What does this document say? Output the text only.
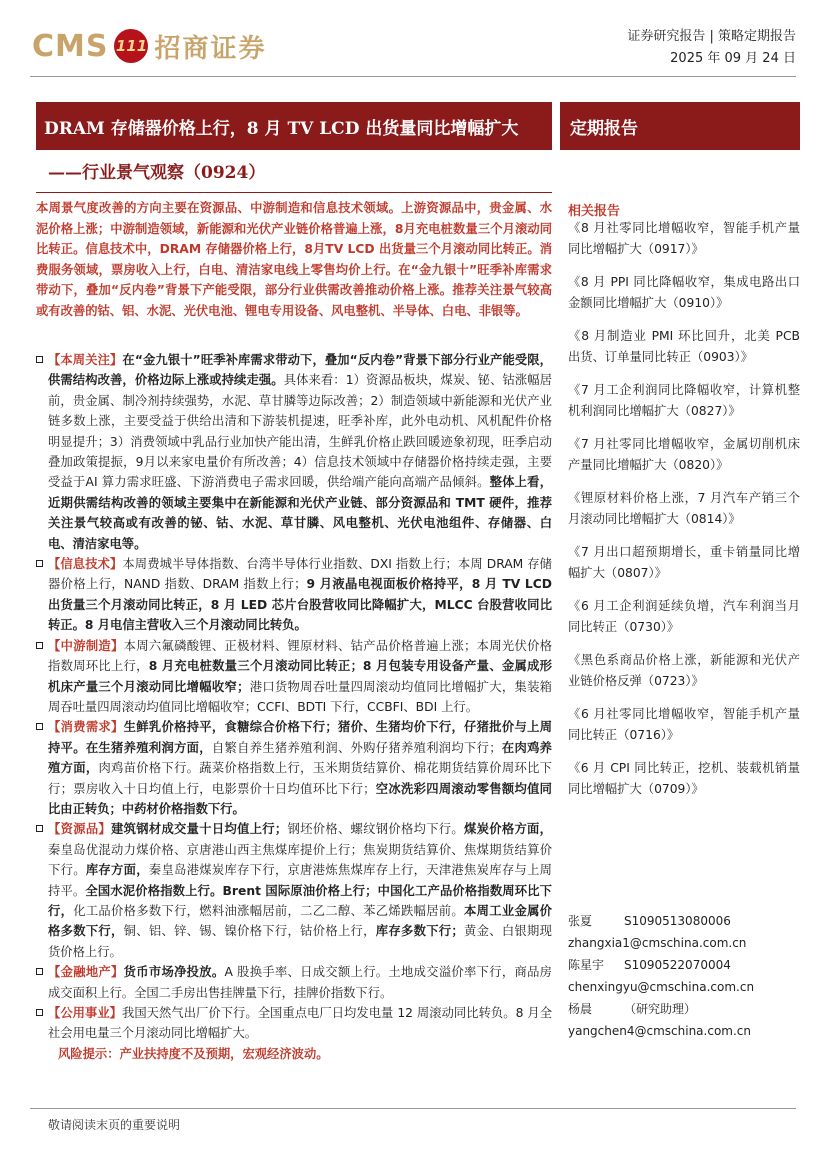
CMS 111 招商证券	证券研究报告 | 策略定期报告
2025 年 09 月 24 日
DRAM 存储器价格上行，8 月 TV LCD 出货量同比增幅扩大	定期报告
——行业景气观察（0924）
本周景气度改善的方向主要在资源品、中游制造和信息技术领域。上游资源品中，贵金属、水泥价格上涨；中游制造领域，新能源和光伏产业链价格普遍上涨，8月充电桩数量三个月滚动同比转正。信息技术中，DRAM 存储器价格上行，8月TV LCD 出货量三个月滚动同比转正。消费服务领域，票房收入上行，白电、清洁家电线上零售均价上行。在“金九银十”旺季补库需求带动下，叠加“反内卷”背景下产能受限，部分行业供需改善推动价格上涨。推荐关注景气较高或有改善的钴、铝、水泥、光伏电池、锂电专用设备、风电整机、半导体、白电、非银等。

【本周关注】在“金九银十”旺季补库需求带动下，叠加“反内卷”背景下部分行业产能受限，供需结构改善，价格边际上涨或持续走强。具体来看：1）资源品板块，煤炭、铋、钴涨幅居前，贵金属、制冷剂持续强势，水泥、草甘膦等边际改善；2）制造领域中新能源和光伏产业链多数上涨，主要受益于供给出清和下游装机提速，旺季补库，此外电动机、风机配件价格明显提升；3）消费领域中乳品行业加快产能出清，生鲜乳价格止跌回暖迹象初现，旺季启动叠加政策提振，9月以来家电量价有所改善；4）信息技术领域中存储器价格持续走强，主要受益于AI 算力需求旺盛、下游消费电子需求回暖，供给端产能向高端产品倾斜。整体上看，近期供需结构改善的领域主要集中在新能源和光伏产业链、部分资源品和 TMT 硬件，推荐关注景气较高或有改善的铋、钴、水泥、草甘膦、风电整机、光伏电池组件、存储器、白电、清洁家电等。

【信息技术】本周费城半导体指数、台湾半导体行业指数、DXI 指数上行；本周 DRAM 存储器价格上行，NAND 指数、DRAM 指数上行；9 月液晶电视面板价格持平，8 月 TV LCD 出货量三个月滚动同比转正，8 月 LED 芯片台股营收同比降幅扩大，MLCC 台股营收同比转正。8 月电信主营收入三个月滚动同比转负。

【中游制造】本周六氟磷酸锂、正极材料、锂原材料、钴产品价格普遍上涨；本周光伏价格指数周环比上行，8 月充电桩数量三个月滚动同比转正；8 月包装专用设备产量、金属成形机床产量三个月滚动同比增幅收窄；港口货物周吞吐量四周滚动均值同比增幅扩大，集装箱周吞吐量四周滚动均值同比增幅收窄；CCFI、BDTI 下行，CCBFI、BDI 上行。

【消费需求】生鲜乳价格持平，食糖综合价格下行；猪价、生猪均价下行，仔猪批价与上周持平。在生猪养殖利润方面，自繁自养生猪养殖利润、外购仔猪养殖利润均下行；在肉鸡养殖方面，肉鸡苗价格下行。蔬菜价格指数上行，玉米期货结算价、棉花期货结算价周环比下行；票房收入十日均值上行，电影票价十日均值环比下行；空冰洗彩四周滚动零售额均值同比由正转负；中药材价格指数下行。

【资源品】建筑钢材成交量十日均值上行；钢坯价格、螺纹钢价格均下行。煤炭价格方面，秦皇岛优混动力煤价格、京唐港山西主焦煤库提价上行；焦炭期货结算价、焦煤期货结算价下行。库存方面，秦皇岛港煤炭库存下行，京唐港炼焦煤库存上行，天津港焦炭库存与上周持平。全国水泥价格指数上行。Brent 国际原油价格上行；中国化工产品价格指数周环比下行，化工品价格多数下行，燃料油涨幅居前，二乙二醇、苯乙烯跌幅居前。本周工业金属价格多数下行，铜、铝、锌、锡、镍价格下行，钴价格上行，库存多数下行；黄金、白银期现货价格上行。

【金融地产】货币市场净投放。A 股换手率、日成交额上行。土地成交溢价率下行，商品房成交面积上行。全国二手房出售挂牌量下行，挂牌价指数下行。

【公用事业】我国天然气出厂价下行。全国重点电厂日均发电量 12 周滚动同比转负。8 月全社会用电量三个月滚动同比增幅扩大。

风险提示：产业扶持度不及预期，宏观经济波动。

相关报告
《8 月社零同比增幅收窄，智能手机产量同比增幅扩大（0917）》
《8 月 PPI 同比降幅收窄，集成电路出口金额同比增幅扩大（0910）》
《8 月制造业 PMI 环比回升，北美 PCB 出货、订单量同比转正（0903）》
《7 月工企利润同比降幅收窄，计算机整机利润同比增幅扩大（0827）》
《7 月社零同比增幅收窄，金属切削机床产量同比增幅扩大（0820）》
《锂原材料价格上涨，7 月汽车产销三个月滚动同比增幅扩大（0814）》
《7 月出口超预期增长，重卡销量同比增幅扩大（0807）》
《6 月工企利润延续负增，汽车利润当月同比转正（0730）》
《黑色系商品价格上涨，新能源和光伏产业链价格反弹（0723）》
《6 月社零同比增幅收窄，智能手机产量同比转正（0716）》
《6 月 CPI 同比转正，挖机、装载机销量同比增幅扩大（0709）》
张夏	S1090513080006
zhangxia1@cmschina.com.cn
陈星宇	S1090522070004
chenxingyu@cmschina.com.cn
杨晨	（研究助理）
yangchen4@cmschina.com.cn
敬请阅读末页的重要说明
